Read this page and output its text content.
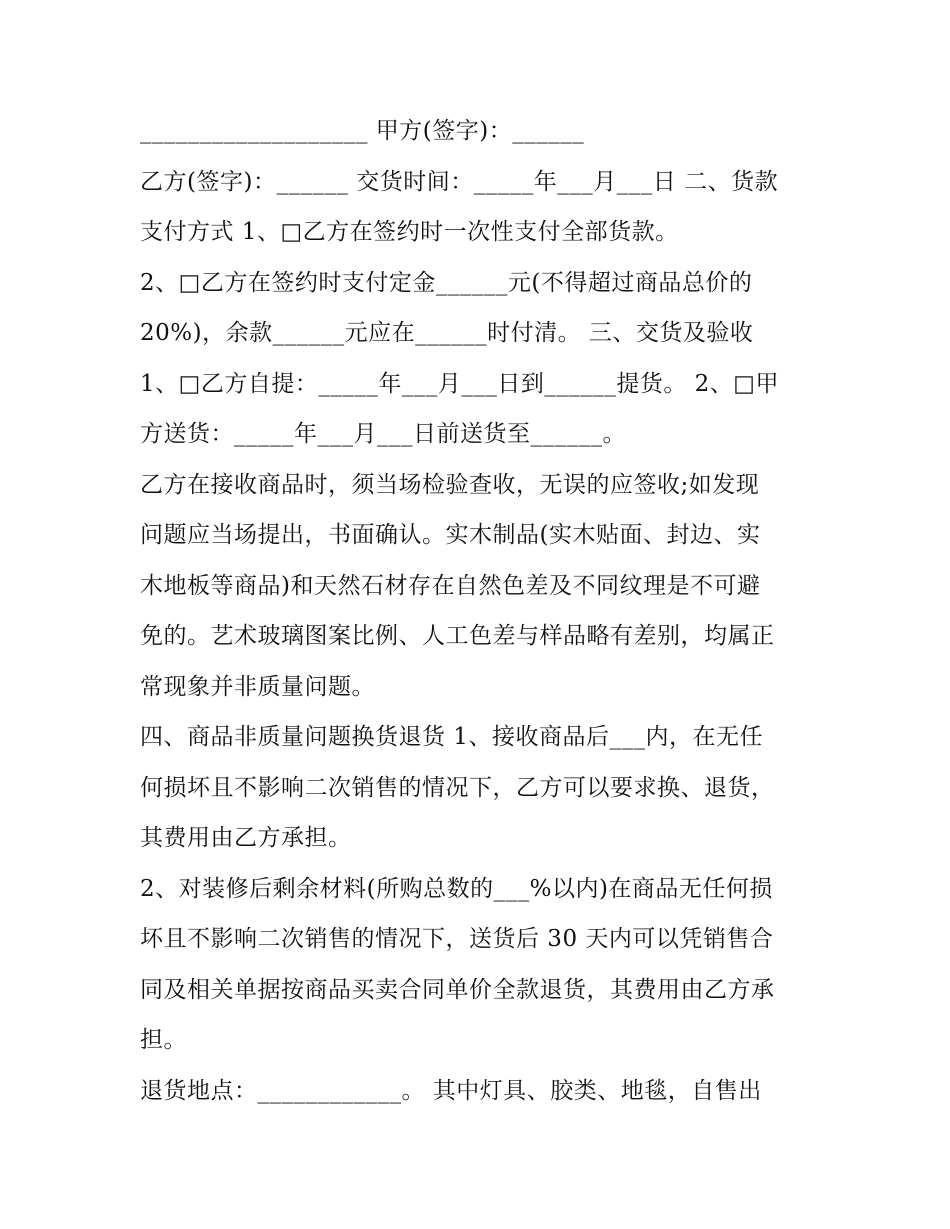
___________________ 甲方(签字)：______
乙方(签字)：______ 交货时间：_____年___月___日 二、货款
支付方式 1、□乙方在签约时一次性支付全部货款。
2、□乙方在签约时支付定金______元(不得超过商品总价的
20%)，余款______元应在______时付清。 三、交货及验收
1、□乙方自提：_____年___月___日到______提货。 2、□甲
方送货：_____年___月___日前送货至______。
乙方在接收商品时，须当场检验查收，无误的应签收;如发现
问题应当场提出，书面确认。实木制品(实木贴面、封边、实
木地板等商品)和天然石材存在自然色差及不同纹理是不可避
免的。艺术玻璃图案比例、人工色差与样品略有差别，均属正
常现象并非质量问题。
四、商品非质量问题换货退货 1、接收商品后___内，在无任
何损坏且不影响二次销售的情况下，乙方可以要求换、退货，
其费用由乙方承担。
2、对装修后剩余材料(所购总数的___%以内)在商品无任何损
坏且不影响二次销售的情况下，送货后 30 天内可以凭销售合
同及相关单据按商品买卖合同单价全款退货，其费用由乙方承
担。
退货地点：____________。 其中灯具、胶类、地毯，自售出
